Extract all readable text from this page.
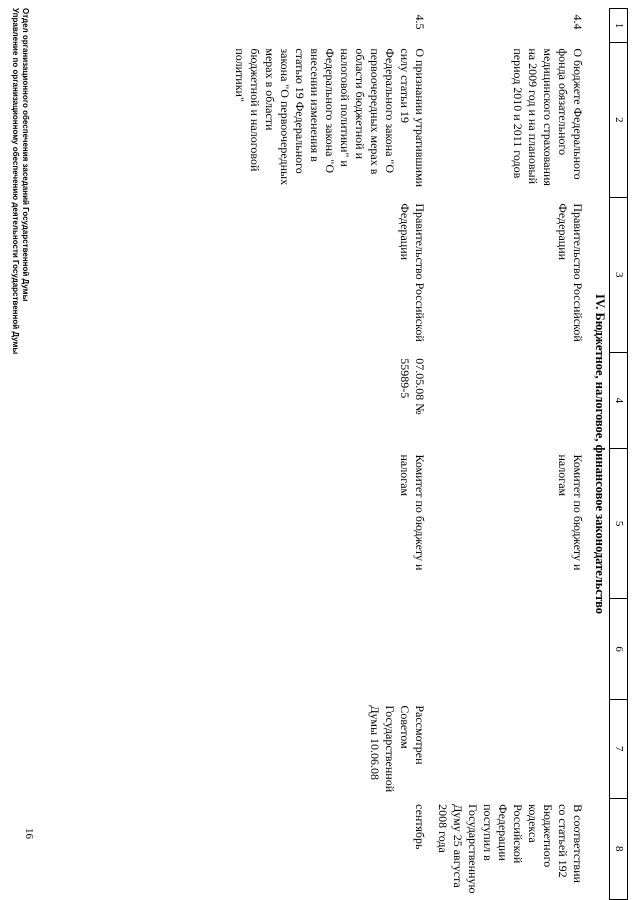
1	2	3	4	5	6	7	8
IV. Бюджетное, налоговое, финансовое законодательство							
4.4	О бюджете Федерального фонда обязательного медицинского страхования на 2009 год и на плановый период 2010 и 2011 годов	Правительство Российской Федерации		Комитет по бюджету и налогам			В соответствии со статьей 192 Бюджетного кодекса Российской Федерации поступил в Государственную Думу 25 августа 2008 года
4.5	О признании утратившими силу статьи 19 Федерального закона "О первоочередных мерах в области бюджетной и налоговой политики" и Федерального закона "О внесении изменения в статью 19 Федерального закона "О первоочередных мерах в области бюджетной и налоговой политики"	Правительство Российской Федерации	07.05.08 № 55989-5	Комитет по бюджету и налогам		Рассмотрен Советом Государственной Думы 10.06.08	сентябрь
Отдел организационного обеспечения заседаний Государственной Думы
Управление по организационному обеспечению деятельности Государственной Думы
16
